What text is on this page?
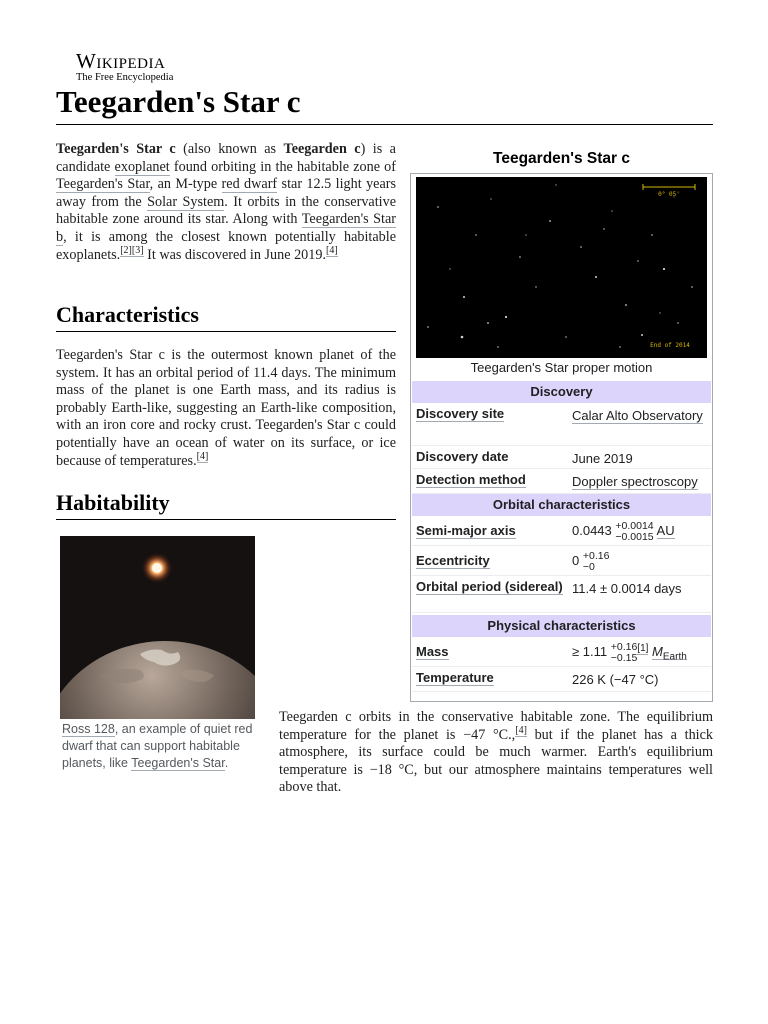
Wikipedia
The Free Encyclopedia
Teegarden's Star c

Teegarden's Star c (also known as Teegarden c) is a candidate exoplanet found orbiting in the habitable zone of Teegarden's Star, an M-type red dwarf star 12.5 light years away from the Solar System. It orbits in the conservative habitable zone around its star. Along with Teegarden's Star b, it is among the closest known potentially habitable exoplanets.[2][3] It was discovered in June 2019.[4]

Characteristics

Teegarden's Star c is the outermost known planet of the system. It has an orbital period of 11.4 days. The minimum mass of the planet is one Earth mass, and its radius is probably Earth-like, suggesting an Earth-like composition, with an iron core and rocky crust. Teegarden's Star c could potentially have an ocean of water on its surface, or ice because of temperatures.[4]

Habitability
Ross 128, an example of quiet red dwarf that can support habitable planets, like Teegarden's Star.

Teegarden c orbits in the conservative habitable zone. The equilibrium temperature for the planet is −47 °C.,[4] but if the planet has a thick atmosphere, its surface could be much warmer. Earth's equilibrium temperature is −18 °C, but our atmosphere maintains temperatures well above that.

Teegarden's Star c
0° 05'
End of 2014
Teegarden's Star proper motion
Discovery
Discovery site	Calar Alto Observatory
Discovery date	June 2019
Detection method	Doppler spectroscopy
Orbital characteristics
Semi-major axis	0.0443 +0.0014
−0.0015 AU
Eccentricity	0 +0.16
−0
Orbital period (sidereal) 11.4 ± 0.0014 days
Physical characteristics
Mass	≥ 1.11 +0.16
−0.15
[1] $M_{Earth}$
Temperature	226 K (−47 °C)
